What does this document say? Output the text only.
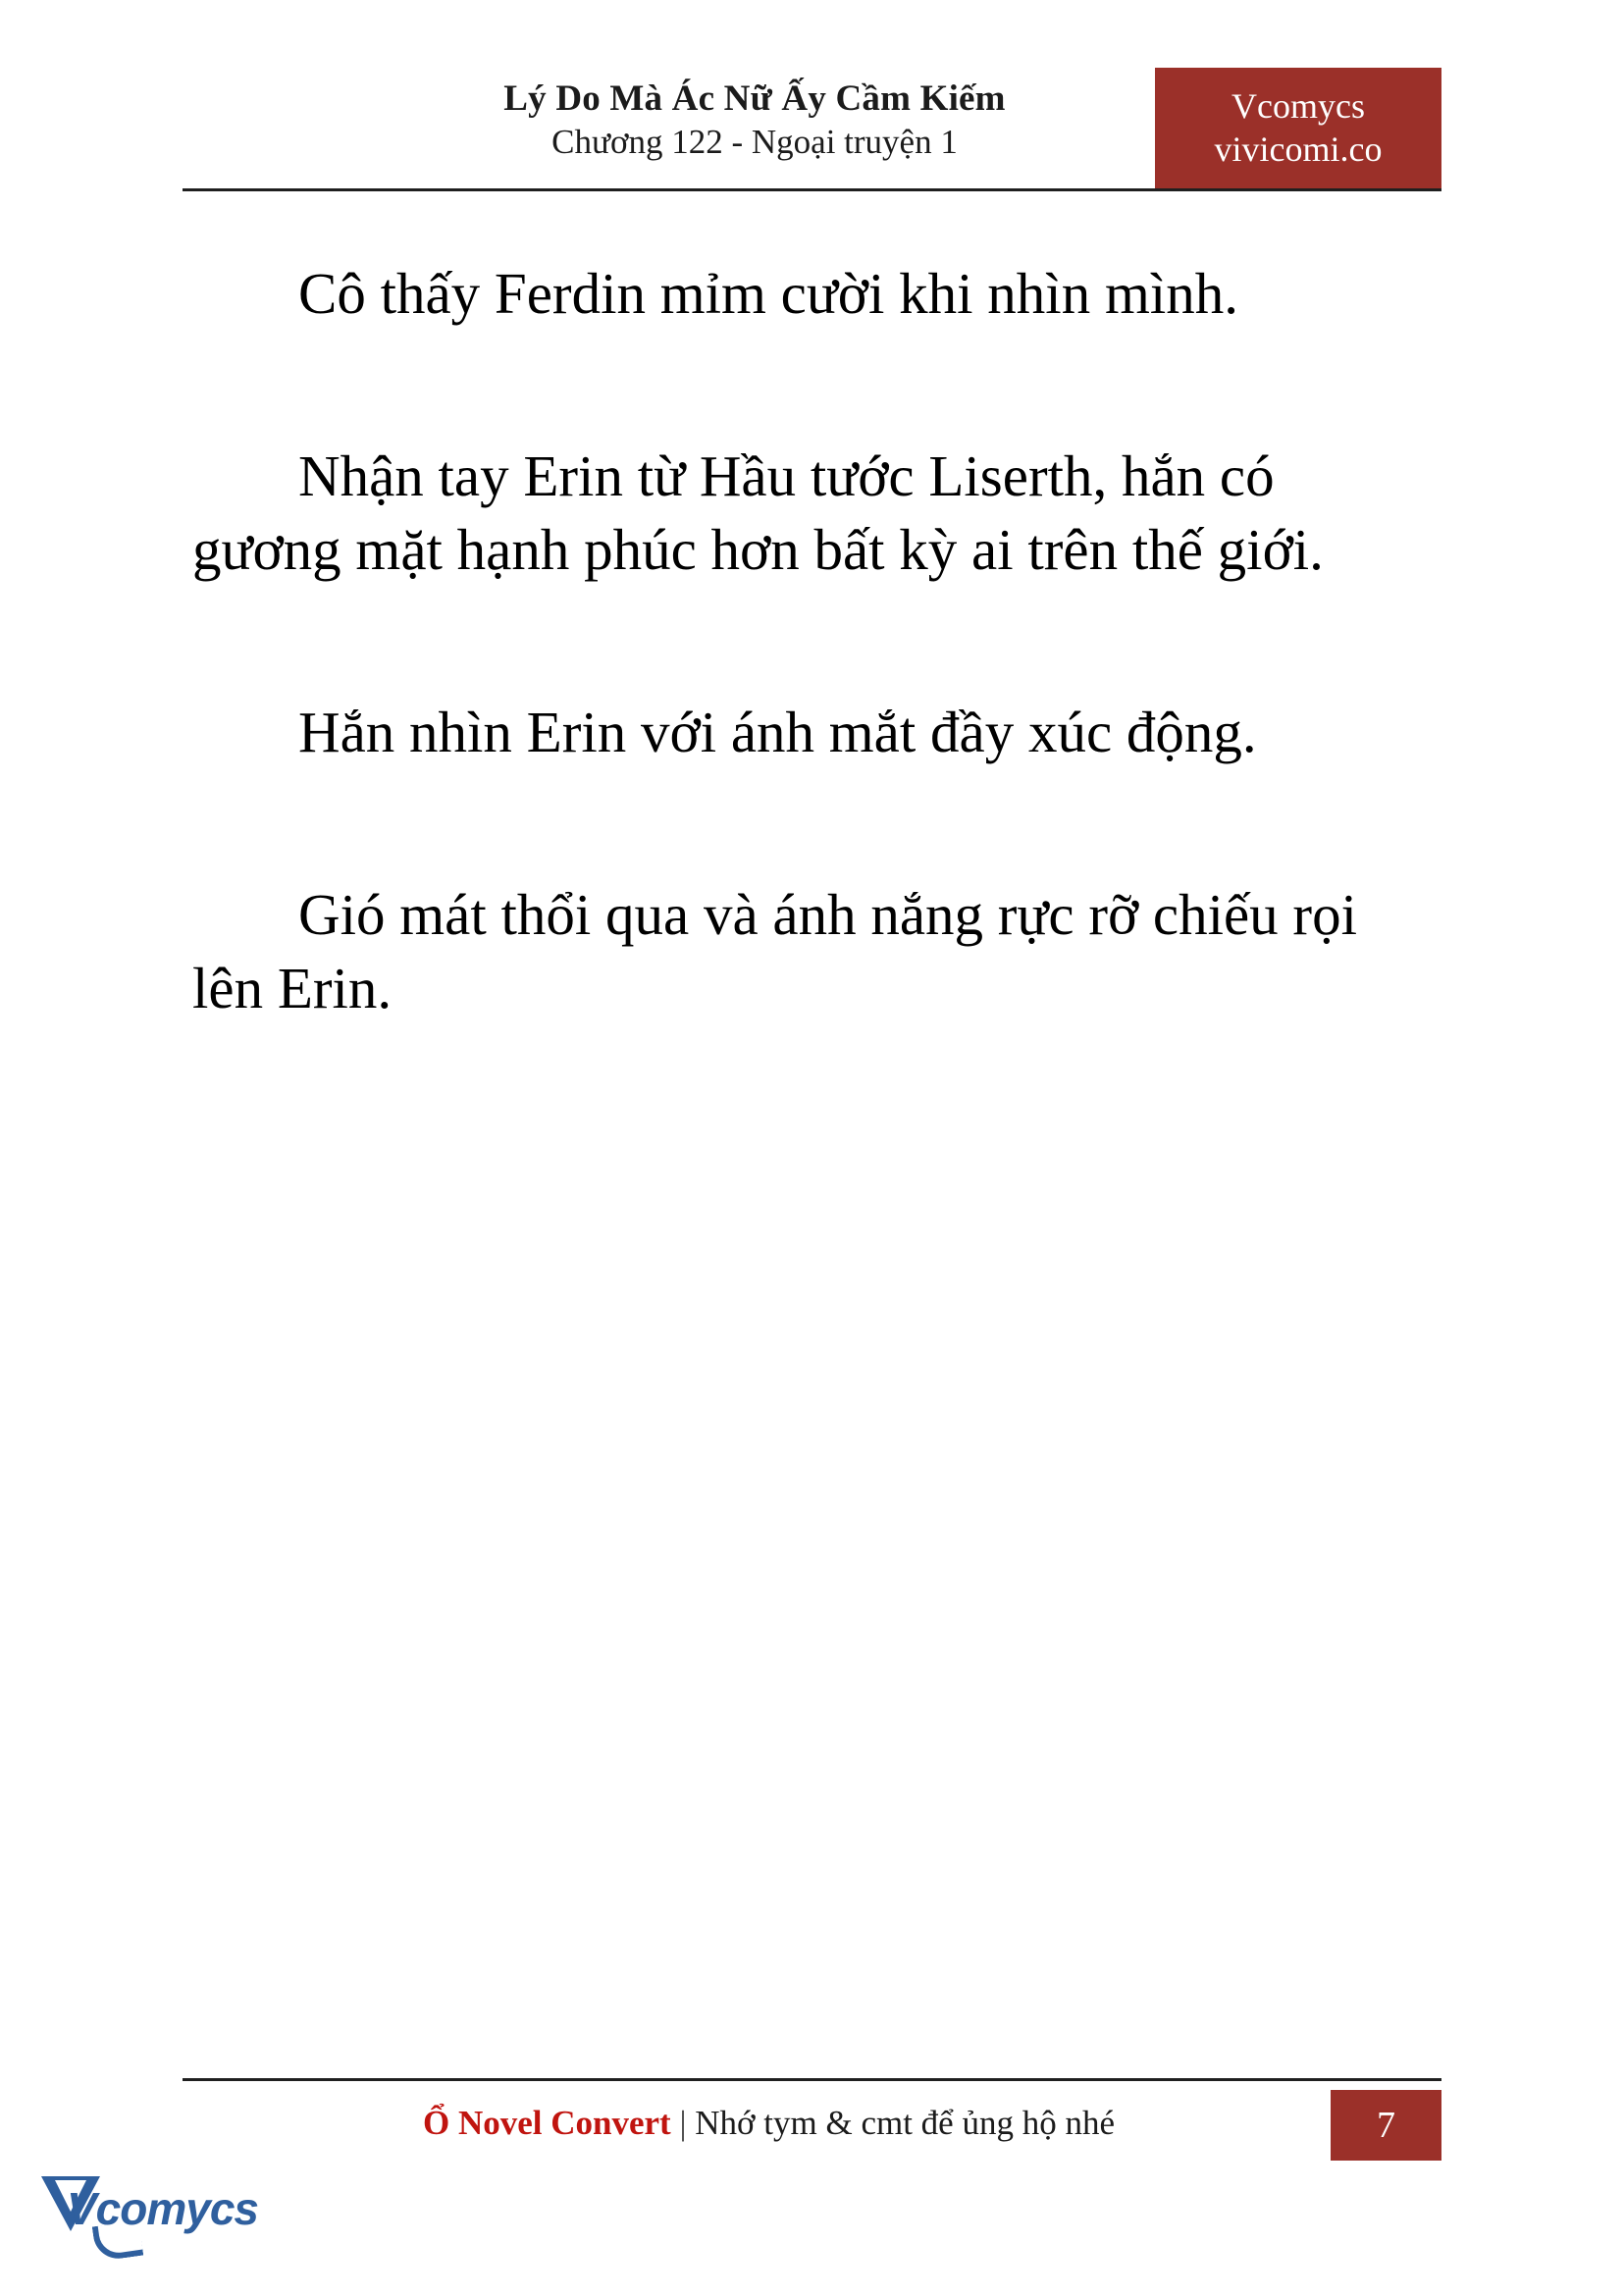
Lý Do Mà Ác Nữ Ấy Cầm Kiếm
Chương 122 - Ngoại truyện 1
Vcomycs
vivicomi.co

Cô thấy Ferdin mỉm cười khi nhìn mình.

Nhận tay Erin từ Hầu tước Liserth, hắn có gương mặt hạnh phúc hơn bất kỳ ai trên thế giới.

Hắn nhìn Erin với ánh mắt đầy xúc động.

Gió mát thổi qua và ánh nắng rực rỡ chiếu rọi lên Erin.

Ổ Novel Convert | Nhớ tym & cmt để ủng hộ nhé	7
Vcomycs
